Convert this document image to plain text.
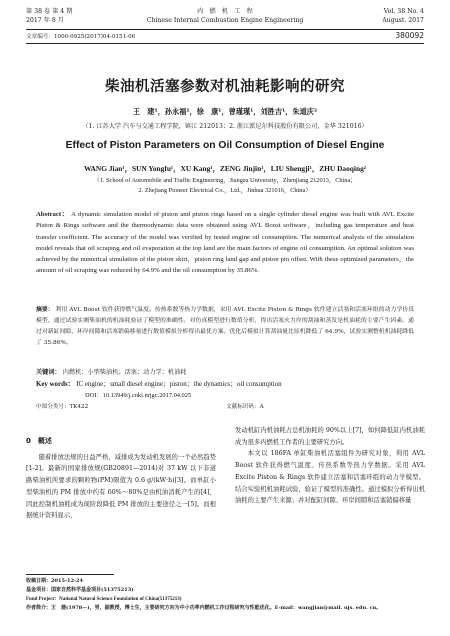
第 38 卷 第 4 期
2017 年 8 月
内　燃　机　工　程
Chinese Internal Combustion Engine Engineering
Vol. 38 No. 4
August. 2017
文章编号：1000-0925(2017)04-0151-06	380092
柴油机活塞参数对机油耗影响的研究
王　建¹，孙永福¹，徐　康¹，曾瑾瑾¹，刘胜吉¹，朱道庆²
（1. 江苏大学 汽车与交通工程学院，镇江 212013；2. 浙江派尼尔科技股份有限公司，金华 321016）
Effect of Piston Parameters on Oil Consumption of Diesel Engine
WANG Jian¹，SUN Yongfu¹，XU Kang¹，ZENG Jinjin¹，LIU Shengji¹，ZHU Daoqing²
（1. School of Automobile and Traffic Engineering，Jiangsu University，Zhenjiang 212013，China；
2. Zhejiang Pioneer Electrical Co.，Ltd.，Jinhua 321016，China）
Abstract： A dynamic simulation model of piston and piston rings based on a single cylinder diesel engine was built with AVL Excite Piston & Rings software and the thermodynamic data were obtained using AVL Boost software，including gas temperature and heat transfer coefficient. The accuracy of the model was verified by tested engine oil consumption. The numerical analysis of the simulation model reveals that oil scraping and oil evaporation at the top land are the main factors of engine oil consumption. An optimal solution was achieved by the numerical simulation of the piston skirt，piston ring land gap and piston pin offset. With these optimized parameters，the amount of oil scraping was reduced by 64.9% and the oil consumption by 35.86%.
摘要： 利用 AVL Boost 软件获得燃气温度、传热系数等热力学数据，采用 AVL Excite Piston & Rings 软件建立活塞和活塞环组的动力学仿真模型，通过试验实测柴油机的机油耗验证了模型的准确性。对仿真模型进行数值分析，得出活塞火力岸的刮油和蒸发是机油耗的主要产生因素。通过对新缸间隙、环岸间隙和活塞销偏移量进行数值模拟分析得出最优方案。优化后模拟计算刮油量比原机降低了 64.9%，试验实测整机机油耗降低了 35.86%。
关键词： 内燃机；小型柴油机；活塞；动力学；机油耗
Key words： IC engine；small diesel engine；piston；the dynamics；oil consumption
DOI：10.13949/j.cnki.nrjgc.2017.04.025
中图分类号：TK422	文献标识码：A
0　概述
随着排放法规的日益严格，减排成为发动机发展的一个必然趋势[1-2]。最新的国家排放规(GB20891—2014)对 37 kW 以下非道路柴油机所要求的颗粒物(PM)限值为 0.6 g/(kW·h)[3]。而单缸小型柴油机的 PM 排放中约有 60%～80%是由机油消耗产生的[4]，因此控制机油耗成为现阶段降低 PM 排放的主要途径之一[5]。而根据统计资料显示，
发动机缸内机油耗占总机油耗的 90%以上[7]，如何降低缸内机油耗成为很多内燃机工作者的主要研究方向。
本文以 186FA 单缸柴油机活塞组件为研究对象，利用 AVL Boost 软件获得燃气温度、传热系数等热力学数据。采用 AVL Excite Piston & Rings 软件建立活塞和活塞环组的动力学模型。结合实验机机油耗试验，验证了模型的准确性。通过模拟分析得出机油耗的主要产生来源；并对配缸间隙、环岸间隙和活塞销偏移量
收稿日期：2015-12-24
基金项目：国家自然科学基金项目(51375213)
Fund Project：National Natural Science Foundation of China(51375213)
作者简介：王　建(1978—)，男，副教授，博士生，主要研究方向为中小功率内燃机工作过程研究与性能优化。E-mail：wangjian@mail. ujs. edu. cn。
